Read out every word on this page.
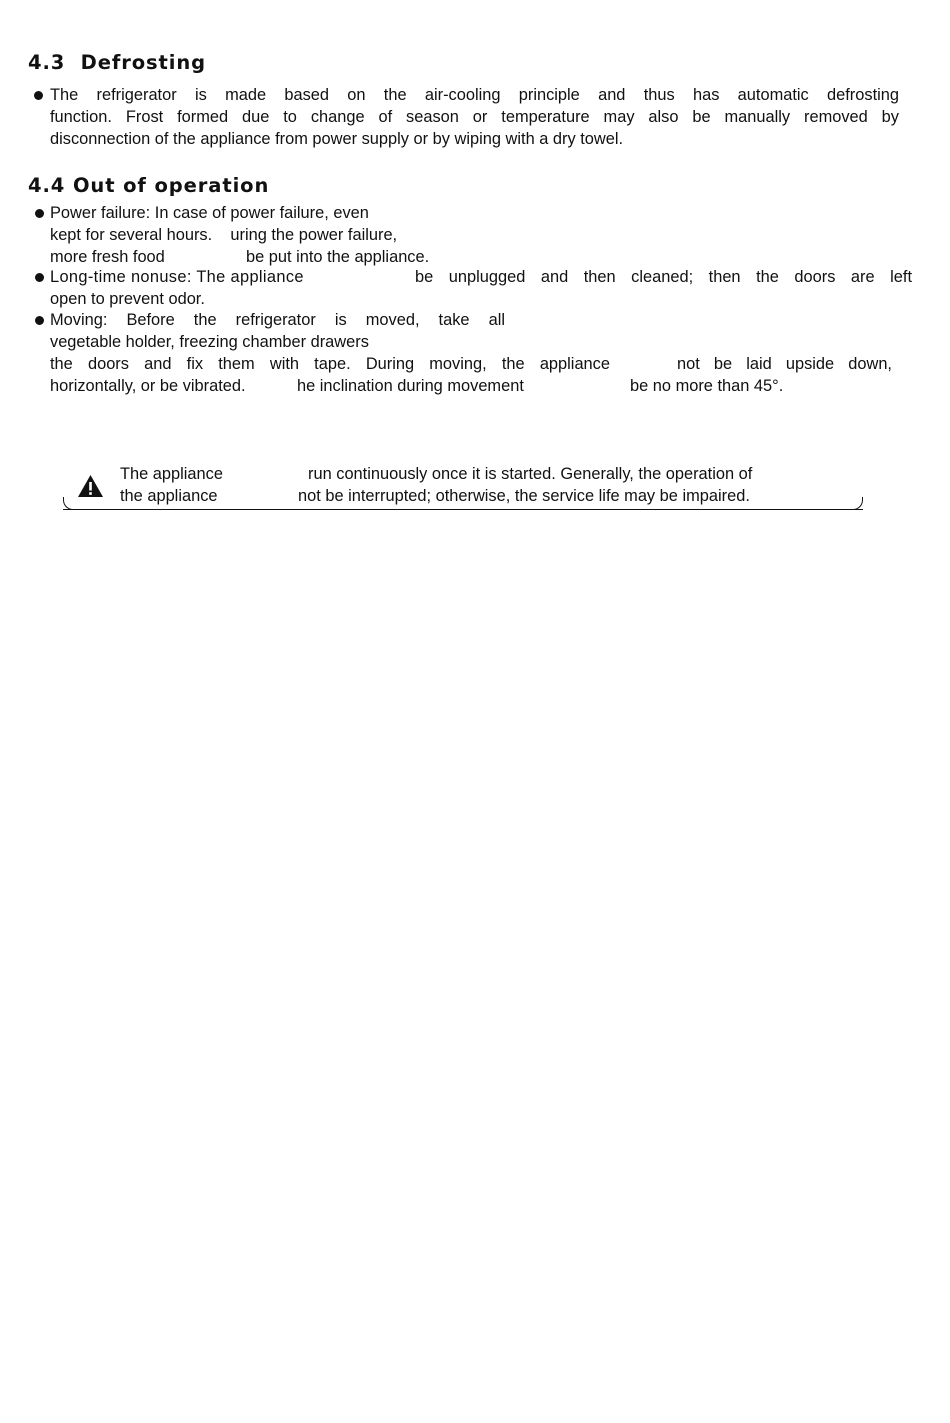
4.3 Defrosting
The refrigerator is made based on the air-cooling principle and thus has automatic defrosting
function. Frost formed due to change of season or temperature may also be manually removed by
disconnection of the appliance from power supply or by wiping with a dry towel.
4.4 Out of operation
Power failure: In case of power failure, even
kept for several hours.    uring the power failure,
more fresh food	be put into the appliance.
Long-time nonuse: The appliance	be unplugged and then cleaned; then the doors are left
open to prevent odor.
Moving: Before the refrigerator is moved, take all
vegetable holder, freezing chamber drawers
the doors and fix them with tape. During moving, the appliance	not be laid upside down,
horizontally, or be vibrated.	he inclination during movement	be no more than 45°.
The appliance	run continuously once it is started. Generally, the operation of
the appliance	not be interrupted; otherwise, the service life may be impaired.
